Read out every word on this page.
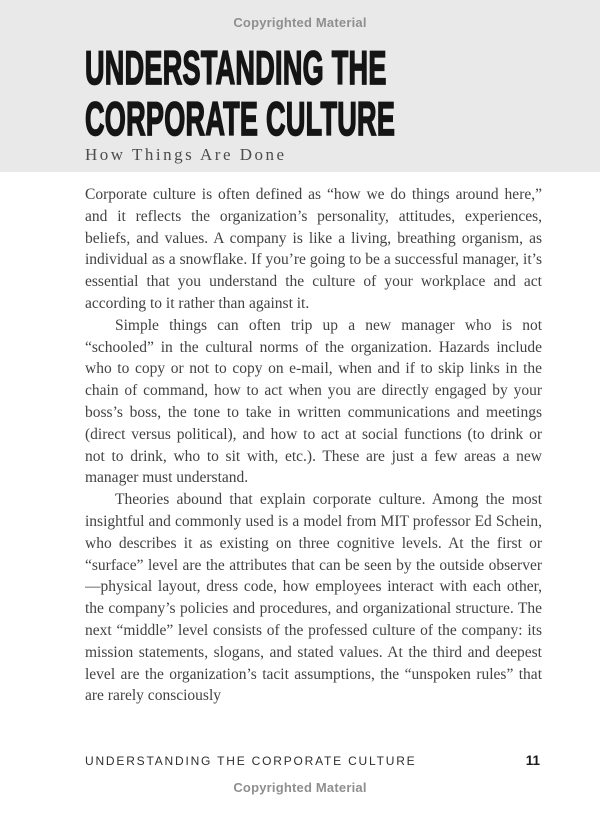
Copyrighted Material
UNDERSTANDING THE
CORPORATE CULTURE
How Things Are Done

Corporate culture is often defined as “how we do things around here,” and it reflects the organization’s personality, attitudes, experiences, beliefs, and values. A company is like a living, breathing organism, as individual as a snowflake. If you’re going to be a successful manager, it’s essential that you understand the culture of your workplace and act according to it rather than against it.

Simple things can often trip up a new manager who is not “schooled” in the cultural norms of the organization. Hazards include who to copy or not to copy on e-mail, when and if to skip links in the chain of command, how to act when you are directly engaged by your boss’s boss, the tone to take in written communications and meetings (direct versus political), and how to act at social functions (to drink or not to drink, who to sit with, etc.). These are just a few areas a new manager must understand.

Theories abound that explain corporate culture. Among the most insightful and commonly used is a model from MIT professor Ed Schein, who describes it as existing on three cognitive levels. At the first or “surface” level are the attributes that can be seen by the outside observer—physical layout, dress code, how employees interact with each other, the company’s policies and procedures, and organizational structure. The next “middle” level consists of the professed culture of the company: its mission statements, slogans, and stated values. At the third and deepest level are the organization’s tacit assumptions, the “unspoken rules” that are rarely consciously

UNDERSTANDING THE CORPORATE CULTURE	11
Copyrighted Material
